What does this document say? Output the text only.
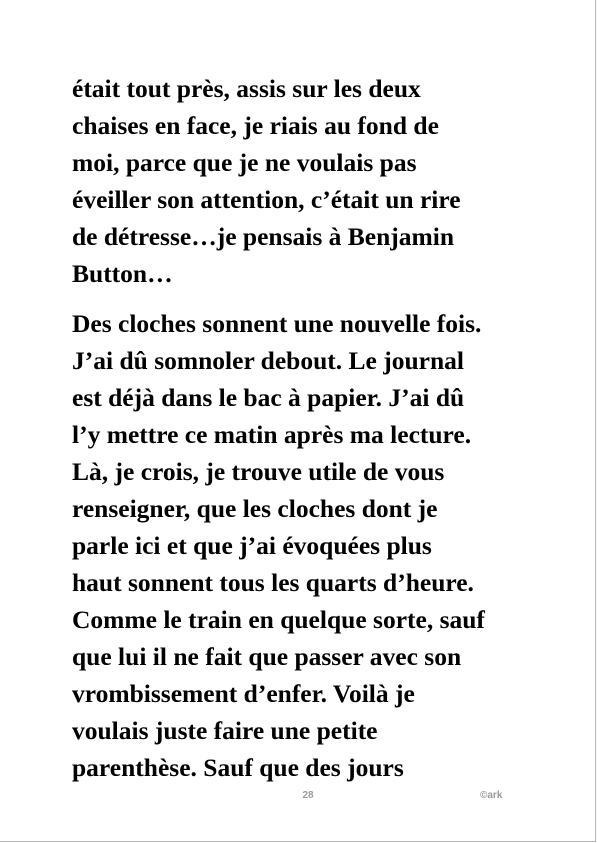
était tout près, assis sur les deux
chaises en face, je riais au fond de
moi, parce que je ne voulais pas
éveiller son attention, c’était un rire
de détresse…je pensais à Benjamin
Button…
Des cloches sonnent une nouvelle fois.
J’ai dû somnoler debout. Le journal
est déjà dans le bac à papier. J’ai dû
l’y mettre ce matin après ma lecture.
Là, je crois, je trouve utile de vous
renseigner, que les cloches dont je
parle ici et que j’ai évoquées plus
haut sonnent tous les quarts d’heure.
Comme le train en quelque sorte, sauf
que lui il ne fait que passer avec son
vrombissement d’enfer. Voilà je
voulais juste faire une petite
parenthèse. Sauf que des jours
28	©ark
